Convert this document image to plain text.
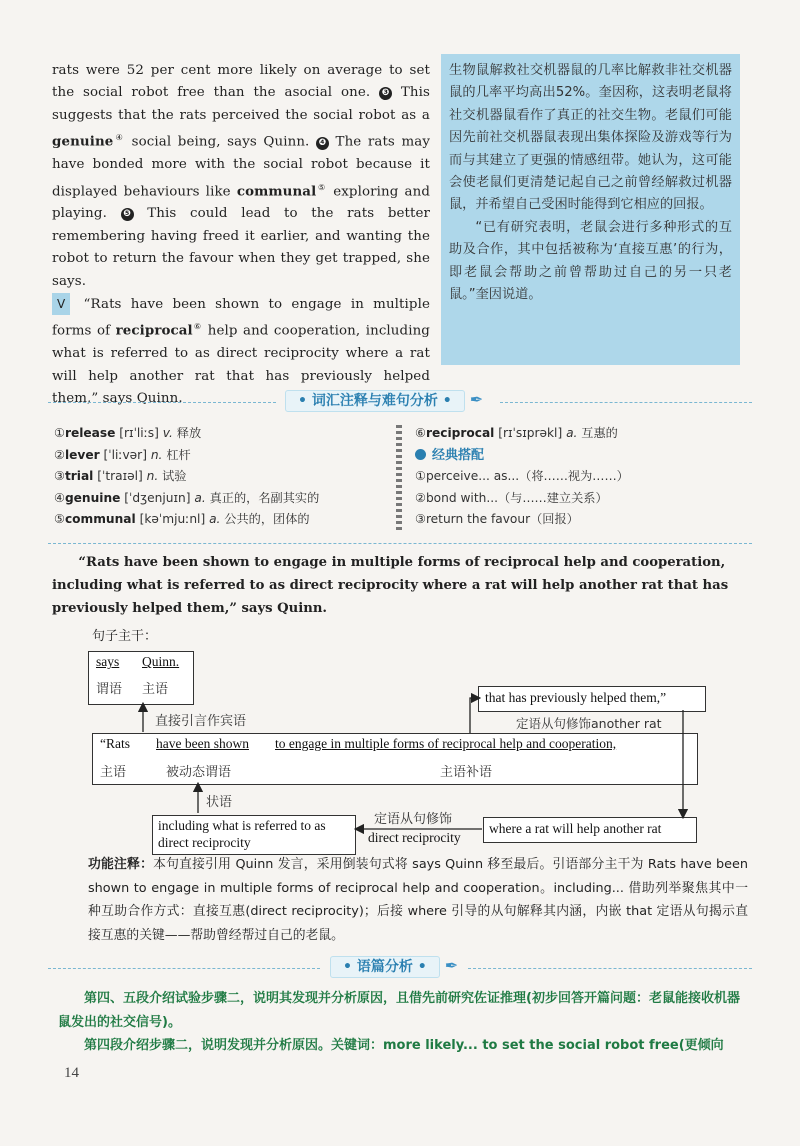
rats were 52 per cent more likely on average to set the social robot free than the asocial one. ❸ This suggests that the rats perceived the social robot as a genuine④ social being, says Quinn. ❹ The rats may have bonded more with the social robot because it displayed behaviours like communal⑤ exploring and playing. ❺ This could lead to the rats better remembering having freed it earlier, and wanting the robot to return the favour when they get trapped, she says.
V “Rats have been shown to engage in multiple forms of reciprocal⑥ help and cooperation, including what is referred to as direct reciprocity where a rat will help another rat that has previously helped them,” says Quinn.

生物鼠解救社交机器鼠的几率比解救非社交机器鼠的几率平均高出52%。奎因称，这表明老鼠将社交机器鼠看作了真正的社交生物。老鼠们可能因先前社交机器鼠表现出集体探险及游戏等行为而与其建立了更强的情感纽带。她认为，这可能会使老鼠们更清楚记起自己之前曾经解救过机器鼠，并希望自己受困时能得到它相应的回报。

“已有研究表明，老鼠会进行多种形式的互助及合作，其中包括被称为‘直接互惠’的行为，即老鼠会帮助之前曾帮助过自己的另一只老鼠。”奎因说道。

• 词汇注释与难句分析 • ✒
①release [rɪˈliːs] v. 释放
②lever [ˈliːvər] n. 杠杆
③trial [ˈtraɪəl] n. 试验
④genuine [ˈdʒenjuɪn] a. 真正的，名副其实的
⑤communal [kəˈmjuːnl] a. 公共的，团体的
⑥reciprocal [rɪˈsɪprəkl] a. 互惠的
经典搭配
①perceive... as...（将……视为……）
②bond with...（与……建立关系）
③return the favour（回报）
“Rats have been shown to engage in multiple forms of reciprocal help and cooperation, including what is referred to as direct reciprocity where a rat will help another rat that has previously helped them,” says Quinn.
句子主干：
says Quinn.
谓语 主语
that has previously helped them,”
定语从句修饰another rat
直接引言作宾语
“Rats have been shown to engage in multiple forms of reciprocal help and cooperation,
主语	被动态谓语	主语补语
状语
including what is referred to as direct reciprocity
定语从句修饰
direct reciprocity
where a rat will help another rat
功能注释：本句直接引用 Quinn 发言，采用倒装句式将 says Quinn 移至最后。引语部分主干为 Rats have been shown to engage in multiple forms of reciprocal help and cooperation。including... 借助列举聚焦其中一种互助合作方式：直接互惠(direct reciprocity)；后接 where 引导的从句解释其内涵，内嵌 that 定语从句揭示直接互惠的关键——帮助曾经帮过自己的老鼠。
• 语篇分析 • ✒
第四、五段介绍试验步骤二，说明其发现并分析原因，且借先前研究佐证推理(初步回答开篇问题：老鼠能接收机器鼠发出的社交信号)。
第四段介绍步骤二，说明发现并分析原因。关键词：more likely... to set the social robot free(更倾向
14
